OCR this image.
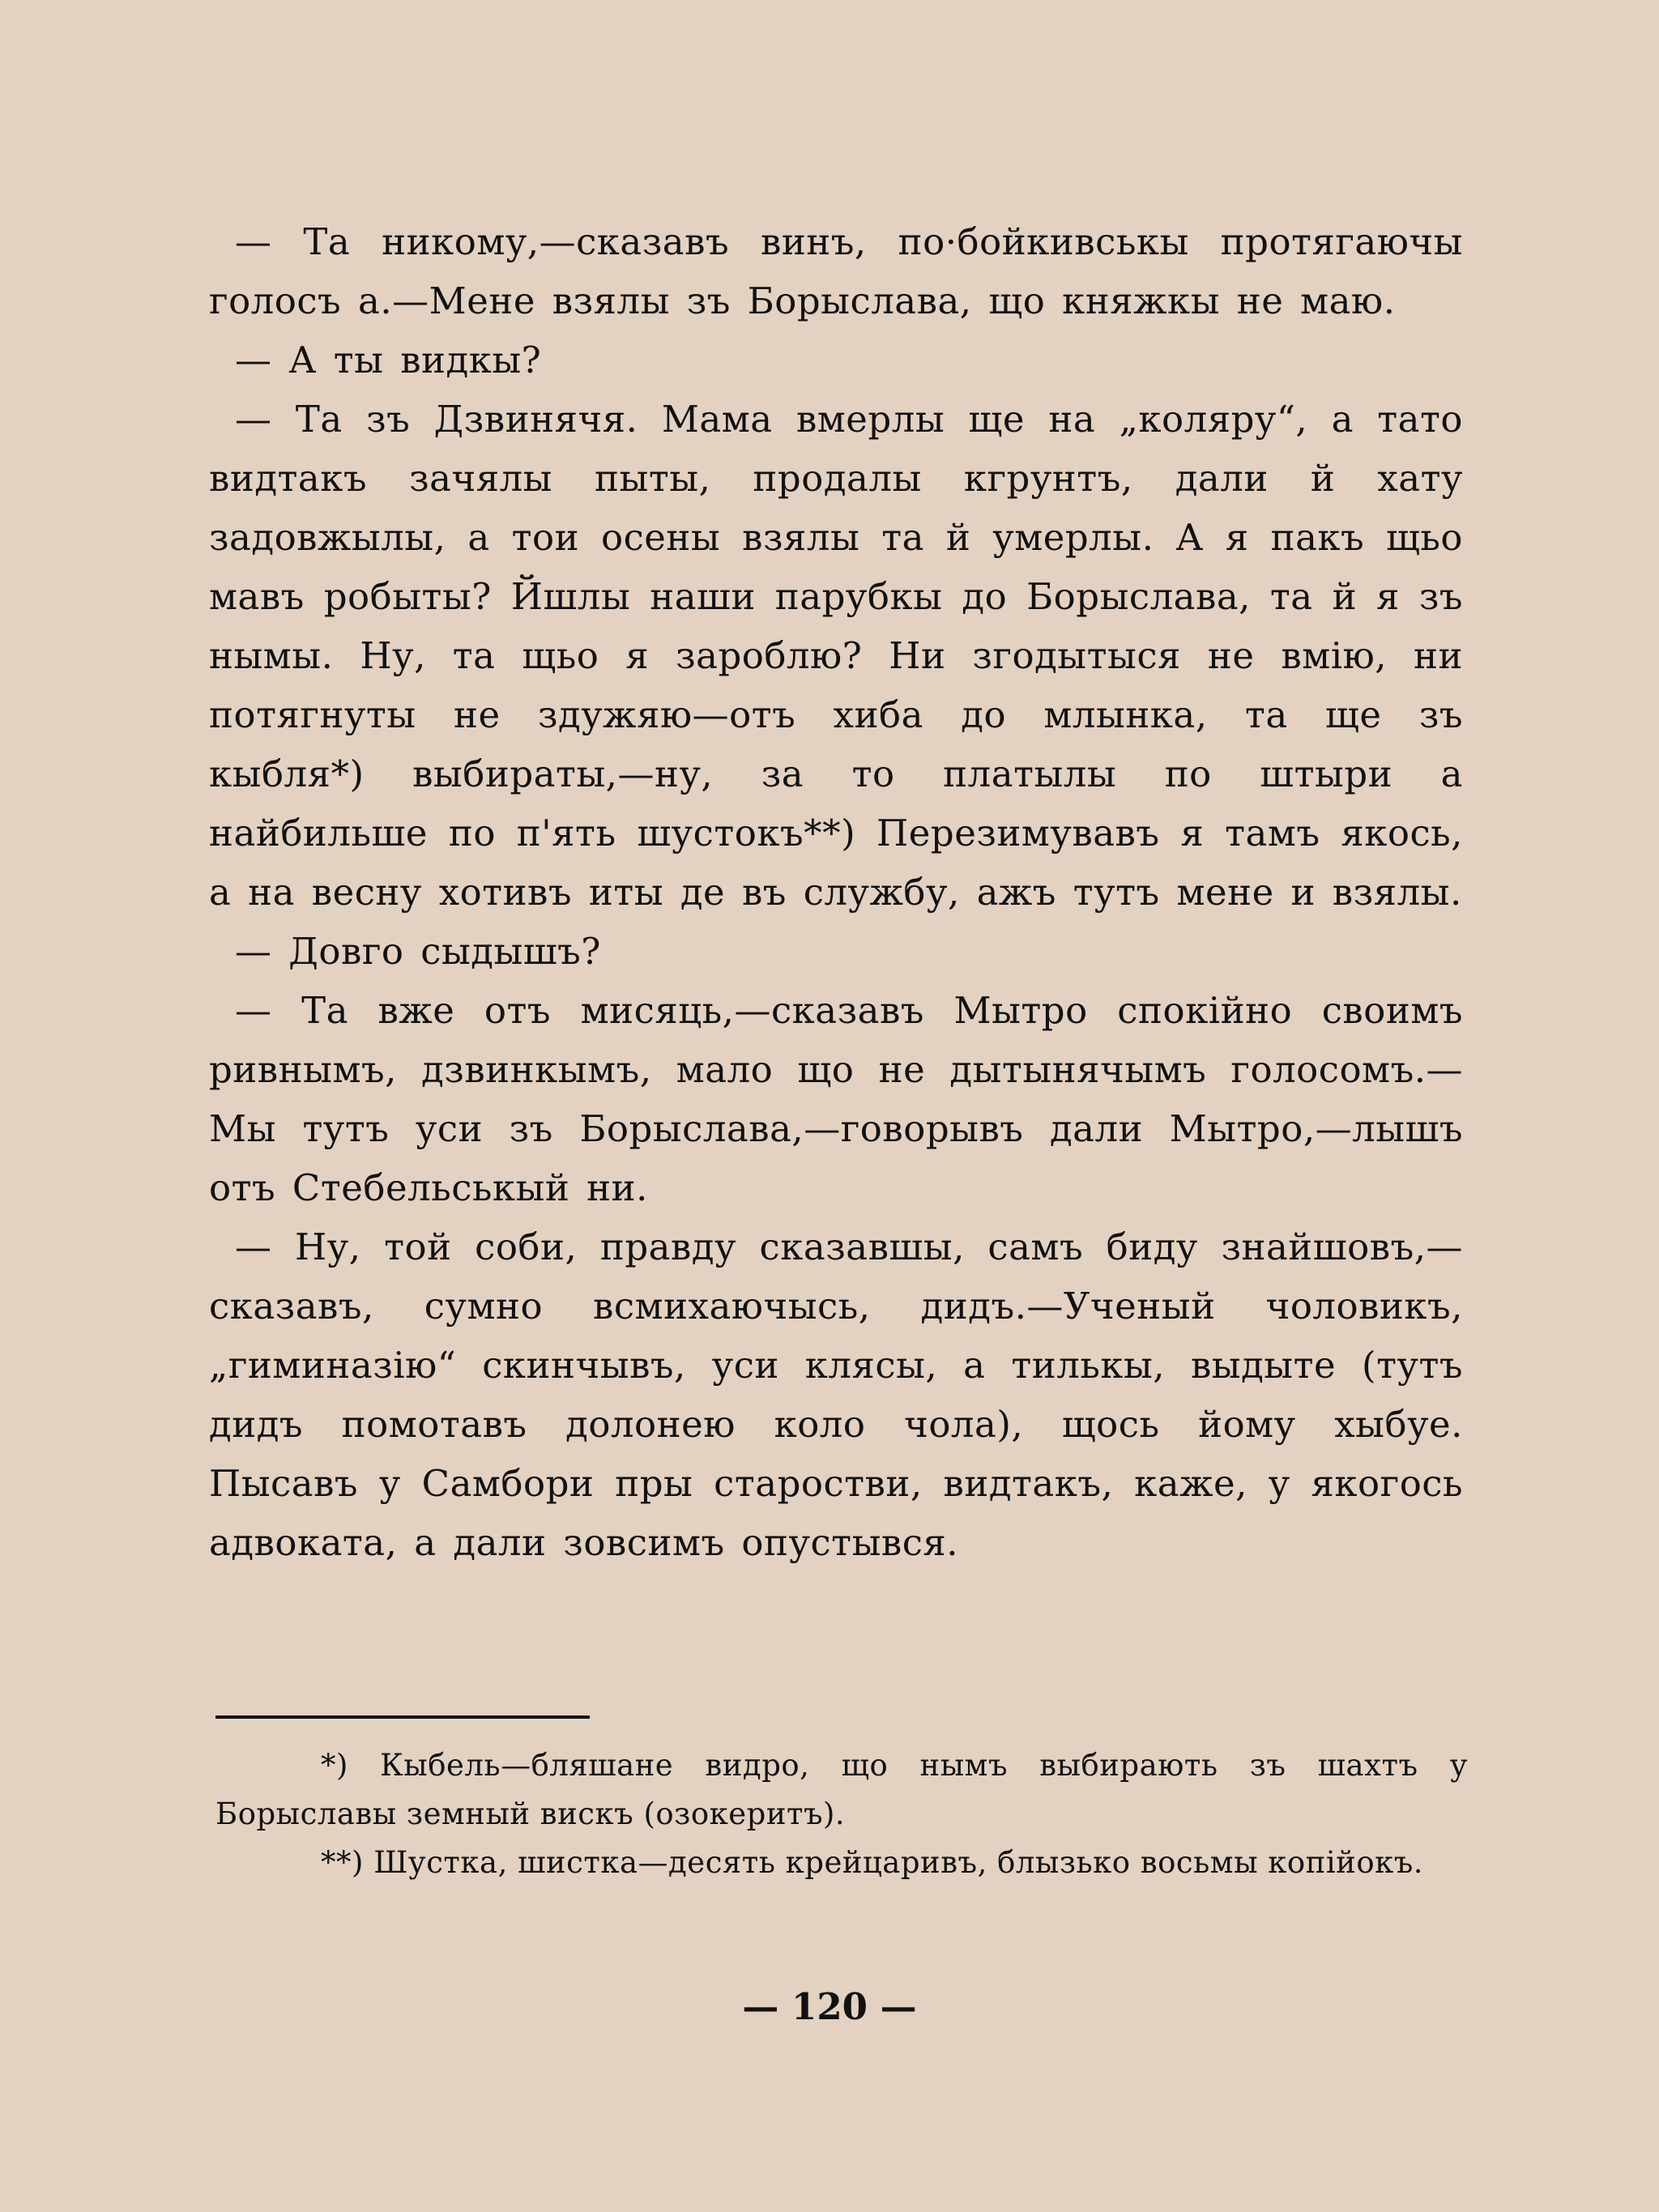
— Та никому,—сказавъ винъ, по·бойкивськы протягаючы голосъ а.—Мене взялы зъ Борыслава, що княжкы не маю.

— А ты видкы?

— Та зъ Дзвинячя. Мама вмерлы ще на „коляру“, а тато видтакъ зачялы пыты, продалы кгрунтъ, дали й хату задовжылы, а тои осены взялы та й умерлы. А я пакъ щьо мавъ робыты? Йшлы наши парубкы до Борыслава, та й я зъ нымы. Ну, та щьо я зароблю? Ни згодытыся не вмію, ни потягнуты не здужяю—отъ хиба до млынка, та ще зъ кыбля*) выбираты,—ну, за то платылы по штыри а найбильше по п'ять шустокъ**) Перезимувавъ я тамъ якось, а на весну хотивъ иты де въ службу, ажъ тутъ мене и взялы.

— Довго сыдышъ?

— Та вже отъ мисяць,—сказавъ Мытро спокійно своимъ ривнымъ, дзвинкымъ, мало що не дытынячымъ голосомъ.—Мы тутъ уси зъ Борыслава,—говорывъ дали Мытро,—лышъ отъ Стебельськый ни.

— Ну, той соби, правду сказавшы, самъ биду знайшовъ,—сказавъ, сумно всмихаючысь, дидъ.—Ученый чоловикъ, „гиминазію“ скинчывъ, уси клясы, а тилькы, выдыте (тутъ дидъ помотавъ долонею коло чола), щось йому хыбуе. Пысавъ у Самбори пры старостви, видтакъ, каже, у якогось адвоката, а дали зовсимъ опустывся.

*) Кыбель—бляшане видро, що нымъ выбирають зъ шахтъ у Борыславы земный вискъ (озокеритъ).

**) Шустка, шистка—десять крейцаривъ, блызько восьмы копійокъ.

— 120 —
